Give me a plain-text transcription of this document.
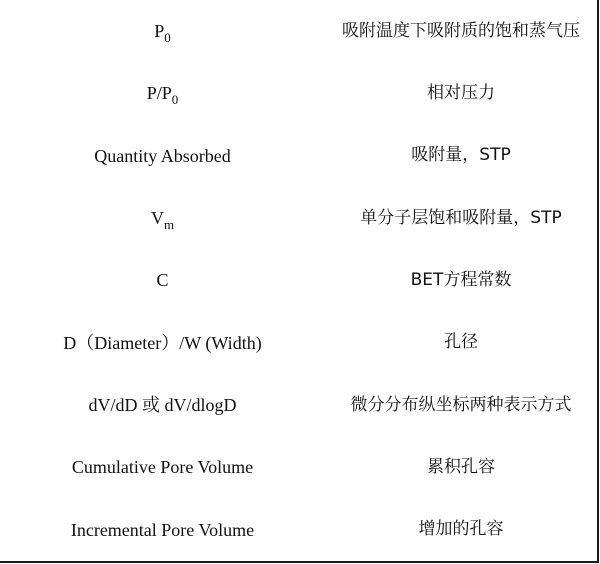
$P_0$	吸附温度下吸附质的饱和蒸气压
$P/P_0$	相对压力
Quantity Absorbed	吸附量，STP
$V_m$	单分子层饱和吸附量，STP
C	BET方程常数
D（Diameter）/W (Width)	孔径
dV/dD 或 dV/dlogD	微分分布纵坐标两种表示方式
Cumulative Pore Volume	累积孔容
Incremental Pore Volume	增加的孔容
